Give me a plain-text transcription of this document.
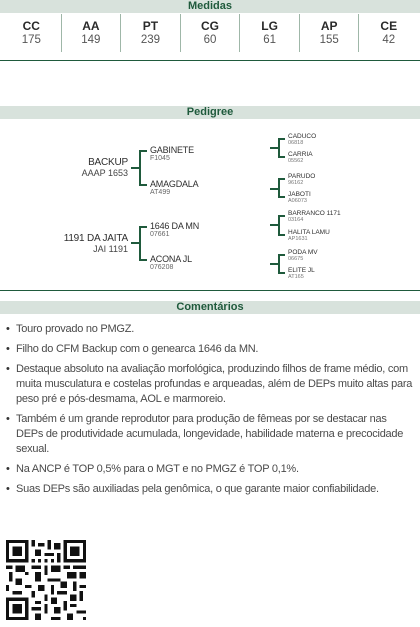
Medidas
CC
175
AA
149
PT
239
CG
60
LG
61
AP
155
CE
42
Pedigree
BACKUP
AAAP 1653
1191 DA JAITA
JAI 1191
GABINETE
F1045
AMAGDALA
AT499
1646 DA MN
07661
ACONA JL
076208
CADUCO
06818
CARRIA
05562
PARUDO
96162
JABOTI
A06073
BARRANCO 1171
03164
HALITA LAMU
AP1631
PODA MV
06675
ELITE JL
AT165
Comentários
• Touro provado no PMGZ.
• Filho do CFM Backup com o genearca 1646 da MN.
• Destaque absoluto na avaliação morfológica, produzindo filhos de frame médio, com muita musculatura e costelas profundas e arqueadas, além de DEPs muito altas para peso pré e pós-desmama, AOL e marmoreio.
• Também é um grande reprodutor para produção de fêmeas por se destacar nas DEPs de produtividade acumulada, longevidade, habilidade materna e precocidade sexual.
• Na ANCP é TOP 0,5% para o MGT e no PMGZ é TOP 0,1%.
• Suas DEPs são auxiliadas pela genômica, o que garante maior confiabilidade.
